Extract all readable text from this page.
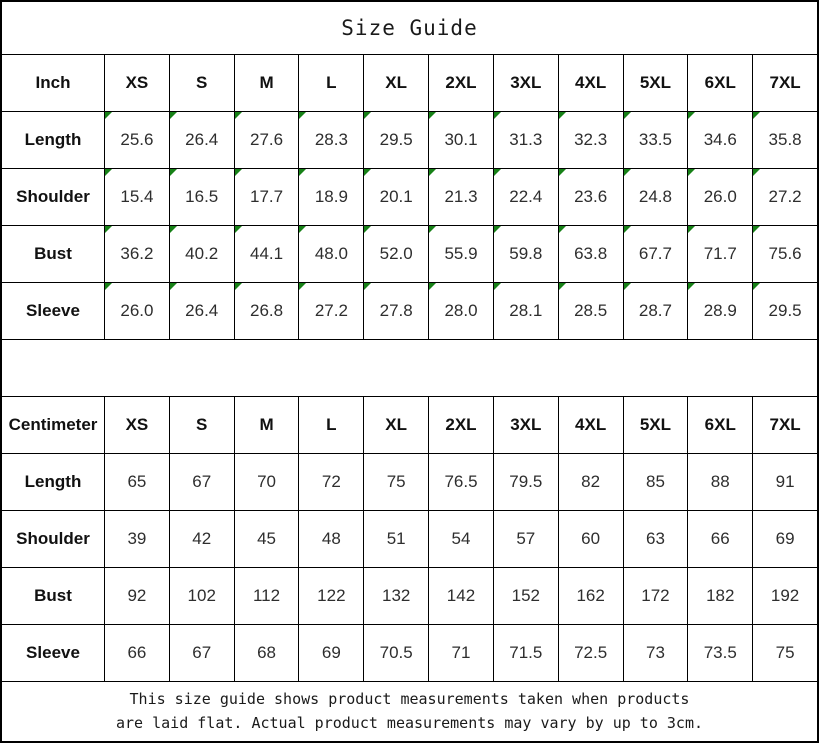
Size Guide
Inch	XS	S	M	L	XL 2XL 3XL 4XL 5XL 6XL 7XL
Length	25.6 26.4 27.6 28.3 29.5 30.1 31.3 32.3 33.5 34.6 35.8
Shoulder	15.4 16.5 17.7 18.9 20.1 21.3 22.4 23.6 24.8 26.0 27.2
Bust	36.2 40.2 44.1 48.0 52.0 55.9 59.8 63.8 67.7 71.7 75.6
Sleeve	26.0 26.4 26.8 27.2 27.8 28.0 28.1 28.5 28.7 28.9 29.5
Centimeter	XS	S	M	L	XL 2XL 3XL 4XL 5XL 6XL 7XL
Length	65	67	70	72	75 76.5 79.5 82	85	88	91
Shoulder	39	42	45	48	51	54	57	60	63	66	69
Bust	92 102 112 122 132 142 152 162 172 182 192
Sleeve	66	67	68	69 70.5 71 71.5 72.5 73 73.5 75
This size guide shows product measurements taken when products
are laid flat. Actual product measurements may vary by up to 3cm.
